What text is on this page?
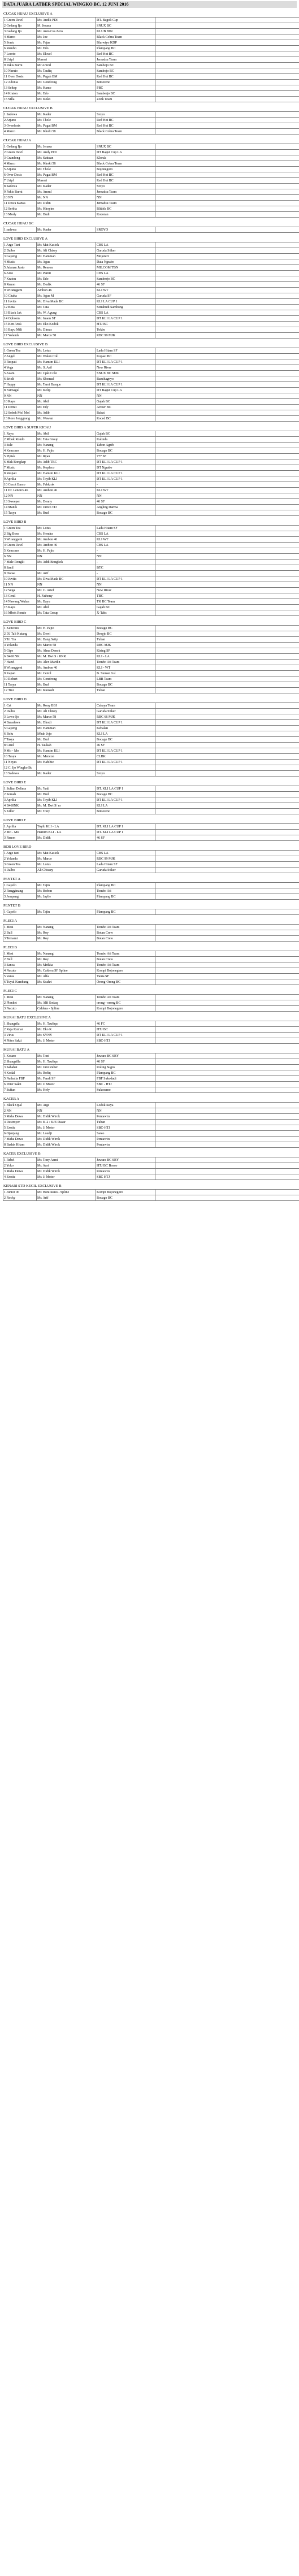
DATA JUARA LATBER SPECIAL WINGKO BC, 12 JUNI 2016
CUCAK HIJAU EXCLUSIVE A
1 Green Devil	Mr. Andik PDI	DT. Bagoli Cup	
2 Gedang Ijo	M. Jenasa	SNUX BC	
3 Gedang Ijo	Mr. Anto Cas Zero	KLUB BIN	
4 Marco	Mr. Joe	Black Cobra Team	
5 Sonic	Mr. Fajar	Blarwiyo KDP	
6 Rembo	Mr. Edo	Plampang BC	
7 Loreto	Mr. Ekwel	Red Hot BC	
8 Uripl	Masori	Jemadsu Team	
9 Pakis Burni	Mr Amrul	Sambojo BC	
10 Naruto	Mr. Taufiq	Sambojo BC	
11 Over Dosis	Mr. Pegah BM	Red Hot BC	
12 Adonia	Mr. Gondrong	Bimoreno	
13 Seltep	Mr. Kamo	PBC	
14 Kraton	Mr. Edo	Samberjo BC	
15 Silla	Mr. Koko	Zonk Team	
CUCAK HIJAU EXCLUSIVE B
1 Sadewa	Mr. Kader	Sroyo	
2 Arjuno	Mr. Thole	Red Hot BC	
3 Overdosis	Mr. Pugai BM	Red Hot BC	
4 Marco	Mr. Khohi 58	Black Cobra Team	
CUCAK HIJAU A
1 Gedang Ijo	Mr. Jenasa	SNUX BC	
2 Green Devil	Mr. Andy PDI	DT Bagut Cup LA	
3 Grandong	Mr. Suttuan	Klorak	
4 Marco	Mr. Khoki 58	Black Cobra Team	
5 Arjuno	Mr. Thole	Bojonegoro	
6 Over Dosis	Mr. Pugai BM	Red Hot BC	
7 Uripl	Masori	Red Hot BC	
8 Sadewa	Mr. Kader	Sroyo	
9 Pakis Burni	Mr. Amrul	Jemadsu Team	
10 NN	Mr. NN	NN	
11 Dewa Kansa	Mr. Didin	Jemadsu Team	
12 Serbia	Mr. Khoyim	Blitbik BC	
13 Mody	Mr. Budi	Kocoran	
CUCAK HIJAU BC
1 sadewa	Mr. Kader	SROYO	
LOVE BIRD EXCLUSIVE A
1 Argo Tani	Mr. Mat Kasiok	CBS LA	
2 Dalbo	Mr. Ali Chissy	Garuda Stiker	
3 Gayeng	Mr. Hamman	Mojorert	
4 Music	Mr. Agus	Data Ngrabo	
5 Jalanan Justo	Mr. Remon	MU.COM TBN	
6 Arco	Mr. Pamit	CBS LA	
7 Kraton	Mr. Edo	Samberjo BC	
8 Renon	Mr. Dodik	46 SF	
9 Wiranggeni	Ambon 46	KLI WT	
10 Chaka	Mr. Agus M	Garuda SF	
11 Juvita	Mr. Diva Mada BC	KLI LA CUP 1	
12 Bota	Mr. Tata	Setiabudi Sambong	
13 Black Jak	Mr. W. Agung	CBS LA	
14 Ophsom	Mr. Imam ST	DT KLI LA CUP 1	
15 Ken Arok	Mr. Eko Kodok	HTJ BC	
16 Bayu Mili	Mr. Dimas	Tokbe	
17 Yolanda	Mr. Marco 58	RBC 99 MJK	
LOVE BIRD EXCLUSIVE B
1 Green Tea	Mr. Lotus	Lada Hitam SF	
2 Angel	Mr. Walon Coll	Kopasi BC	
3 Respati	Mr. Hamim KLI	DT KLI LA CUP 1	
4 Vega	Mr. S. Arif	New River	
5 Azam	Mr. Cpki Coki	SNUX BC MJK	
6 Sriolt	Mr. Shomad	Banchagnyo	
7 Happy	Mr. Tarni Basque	DT KLI LA CUP 1	
8 Fatmagul	Mr. Kelip	DT Bagut Cup LA	
9 NN	NN	NN	
10 Raya	Mr. Abil	Gajah BC	
11 Demit	Mr. Edy	Arroer BC	
12 Sobeh Mol Mol	Mr. Adib	Babat	
13 Roro Jonggrang	Mr. Wawan	Roced BC	
LOVE BIRD A SUPER KICAU
1 Raya	Mr. Abil	Gajah BC	
2 Mbok Rondo	Mr. Tata Group	Kalinda	
3 Sule	Mr. Nanang	Tabon Agrib	
4 Kencono	Mr. H. Pajio	Bocago BC	
5 Pipisk	Mr. Ryan	777 SF	
6 Mak Bongkap	Mr. Adib TBC	DT KLI LA CUP 1	
7 Music	Mr. Kopleco	DT Ngrabo	
8 Respati	Mr. Hamim KLI	DT KLI LA CUP 1	
9 Aprilia	Mr. Toyib KLI	DT KLI LA CUP 1	
10 Cocot Barco	Mr. Febkrok	-	
11 Dr. Lenon's 46	Mr. Ambon 46	KLI WT	
12 NN	NN	NN	
13 Sweeper	Mr. Denny	46 SF	
14 Manik	Mr. Jurico TD	Angling Darma	
15 Tasya	Mr. Bud	Bocago BC	
LOVE BIRD B
1 Green Tea	Mr. Lotus	Lada Hitam SF	
2 Big Boss	Mr. Hendra	CBS LA	
3 Wiranggeni	Mr. Ambon 46	KLI WT	
4 Green Devil	Mr. Ambon 46	CBS LA	
5 Kencono	Mr. H. Pajio	-	
6 NN	NN	NN	
7 Male Rongki	Mr. Addi Bongkok	-	
8 Sanil		BTC	
9 Doose	Mr. Arif	-	
10 Juvita	Mr. Diva Mada BC	DT KLI LA CUP 1	
11 NN	NN	NN	
12 Vega	Mr. C. Arief	New River	
13 Cenil	H. Fathony	TBC	
14 Nawang Wulan	Mr. Bayu	TK BC Team	
15 Raya	Mr. Abil	Gajah BC	
16 Mbok Rondo	Mr. Tata Group	X-Tabs	
LOVE BIRD C
1 Kencono	Mr. H. Pajio	Bocago BC	
2 DJ Tali Kutang	Mr. Dewi	Dropjo BC	
3 Tri Tra	Mr. Bang Satip	Tuban	
4 Yolanda	Mr. Marco 58	RBC MJK	
5 Gipe	Mr. Alma Denok	Kiring SP	
6 B460 NK	Mr. M. Dwi S / RNR	KLI - LA	
7 Hazel	Mr. Alex Mardin	Tombo Ati Team	
8 Wiranggeni	Mr. Ambon 46	KLI - WT	
9 Kapan	Mr. Cemil	B. Suman Gsl	
10 Robert	Mr. Gondrong	LBB Team	
11 Tasya	Mr. Bud	Bocago BC	
12 Tini	Mr. Kumadi	Tuban	
LOVE BIRD D
1 Cat	Mr. Rony BBI	Cahaya Team	
2 Dalbo	Mr. Ali Chissy	Garuda Stiker	
3 Lowo Ijo	Mr. Marco 58	RBC 66 MJK	
4 Baradewa	Mr. Dhodi	DT KLI LA CUP 1	
5 Gayeng	Mr. Hamman	Kebalan	
6 Bolu	Mbah Jojo	KLI LA	
7 Tasya	Mr. Bud	Bocago BC	
8 Cenil	H. Taukah	46 SF	
9 Mo - Mo	Mr. Hamim KLI	DT KLI LA CUP 1	
10 Tasya	Mr. Mencon	CLBK	
11 Noyes	Mr. Habibie	DT KLI LA CUP 1	
12 C. Ijo Wingko Bc			
13 Sadewa	Mr. Kader	Sroyo	
LOVE BIRD E
1 Sultan Delima	Mr. Yudi	DT. KLI LA CUP 1	
2 Somah	Mr. Bud	Bocago BC	
3 Aprilia	Mr. Toyib KLI	DT KLI LA CUP 1	
4 B460NK	Mr. M. Dwi S/ nr	KLI LA	
5 Killer	Mr. Tony	Bimoreno	
LOVE BIRD F
1 Aprilia	Toyib KLI - LA	DT. KLI LA CUP 1	
2 Mo - Mo	Hamim KLI - LA	DT. KLI LA CUP 1	
3 Renon	Mr. Didik	46 SF	
BOB LOVE BIRD
1 Argo tani	Mr. Mat Kasiok	CBS LA	
2 Yolanda	Mr. Marco	RBC 99 MJK	
3 Green Tea	Mr. Lotus	Lada Hitam SF	
4 Dalbo	Ali Chissey	Garuda Stiker	
PENTET A
1 Gayelo	Mr. Tajin	Plampang BC	
2 Rengginang	Mr. Bobon	Tombo Ati	
3 Jempang	Mr. Jaylie	Plampang BC	
PENTET B
1 Gayelo	Mr. Tajin	Plampang BC	
PLECI A
1 Mesi	Mr. Nanang	Tombo Ati Team	
2 Bull	Mr. Roy	Botan Crew	
3 Ternami	Mr. Roy	Botan Crew	
PLECI B
1 Mesi	Mr. Nanang	Tombo Ati Team	
2 Bull	Mr. Roy	Botan Crew	
3 Sanca	Mr. Mrikka	Tombo Ati Team	
4 Nacute	Mr. Caldera SF Spline	Kompi Bojonegoro	
5 Vania	Mr. Alfa	Vania SF	
6 Tuyul Kembang	Mr. Soahri	Orong-Orong BC	
PLECI C
1 Mesi	Mr. Nanang	Tombo Ati Team	
2 Plonket	Mr. Alfi Sodaq	orong - orong BC	
3 Nacuto	Caldera - Spline	Kompi Bojonegoro	
MURAI BATU EXCLUSIVE A
1 Shangrila	Mr. H. Taufiqu	46 FC	
2 Raja Kumar	Mr. Eko K	HTJ BC	
3 Virus	Mr. SYNY	DT KLI LA CUP 1	
4 Pitter Sakti	Mr. Ji Motor	SBC-HTJ	
MURAI BATU A
1 Kotaro	Mr. Toni	Jawara BC SBY	
2 Shangrilla	Mr. H. Taufiqu	46 SF	
3 Sabahat	Mr. Juni Ruber	Roling Sugio	
4 Kodal	Mr. Rofiq	Plampang BC	
5 Nathalia FBF	Mr. Fandi SF	FBF Sukodadi	
6 Peter Sakti	Mr. Ji Motor	SBC - HTJ	
7 Sufian	Mr. Hefy	Sukoramo	
KACER A
1 Black Opal	Mr. Argi	Lodok Raya	
2 NN	NN	NN	
3 Maha Dewa	Mr. Didik Wirok	Pentawira	
4 Destroyer	Mr. K-2 / KJE Dasar	Tuban	
5 Exotic	Mr. Ji Motor	SBC-HTJ	
6 Ojanjang	Mr. Loudji	Sawo	
7 Maha Dewa	Mr. Didik Wirok	Pentawira	
8 Badak Hitam	Mr. Didik Wirok	Pentawira	
KACER EXCLUSIVE B
1 Rebel	Mr. Tony Asmi	Jawara BC SBY	
2 Yoko	Mr. Aari	HTJ BC Borno	
3 Maha Dewa	Mr. Didik Wirok	Pentawira	
4 Exotic	Mr. Ji Motor	SBC HTJ	
KENARI STD KECIL EXCLUSIVE B
1 Junior 06	Mr. Boni Rano - Spline	Kompi Bojonegoro	
2 Rocky	Mr. Arif	Bocago BC	
